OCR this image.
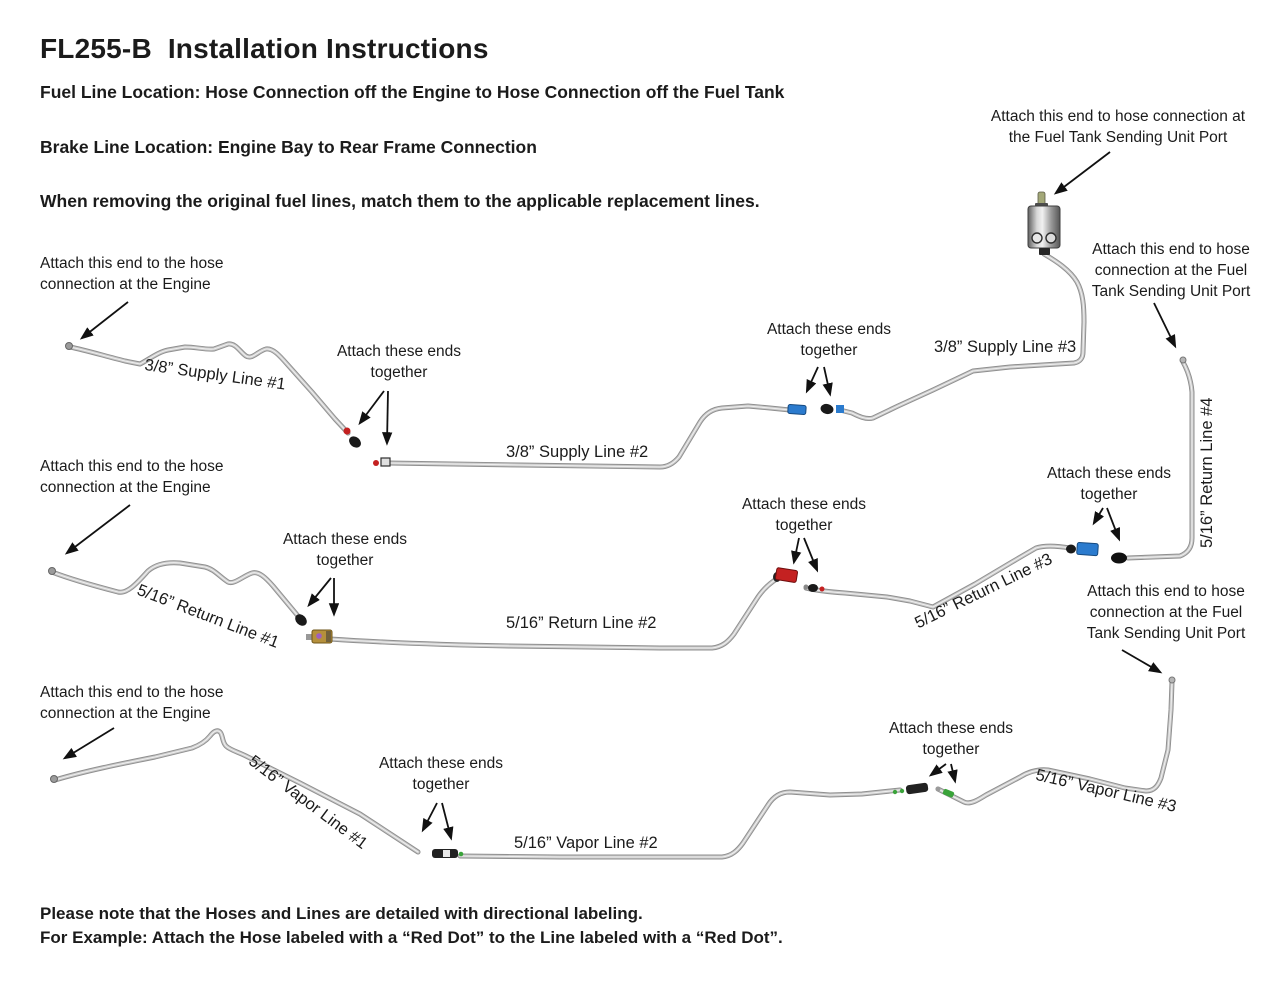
FL255-B  Installation Instructions
Fuel Line Location: Hose Connection off the Engine to Hose Connection off the Fuel Tank
Brake Line Location: Engine Bay to Rear Frame Connection
When removing the original fuel lines, match them to the applicable replacement lines.
Attach this end to the hose connection at the Engine
Attach these ends together
Attach these ends together
Attach this end to hose connection at the Fuel Tank Sending Unit Port
Attach this end to hose connection at the Fuel Tank Sending Unit Port
Attach this end to the hose connection at the Engine
Attach these ends together
Attach these ends together
Attach these ends together
Attach this end to hose connection at the Fuel Tank Sending Unit Port
Attach this end to the hose connection at the Engine
Attach these ends together
Attach these ends together
3/8” Supply Line #1
3/8” Supply Line #2
3/8” Supply Line #3
5/16” Return Line #1	5/16” Return Line #2	5/16” Return Line #3
5/16” Return Line #4
5/16” Vapor Line #1	5/16” Vapor Line #2
5/16” Vapor Line #3
Please note that the Hoses and Lines are detailed with directional labeling.
For Example: Attach the Hose labeled with a “Red Dot” to the Line labeled with a “Red Dot”.
